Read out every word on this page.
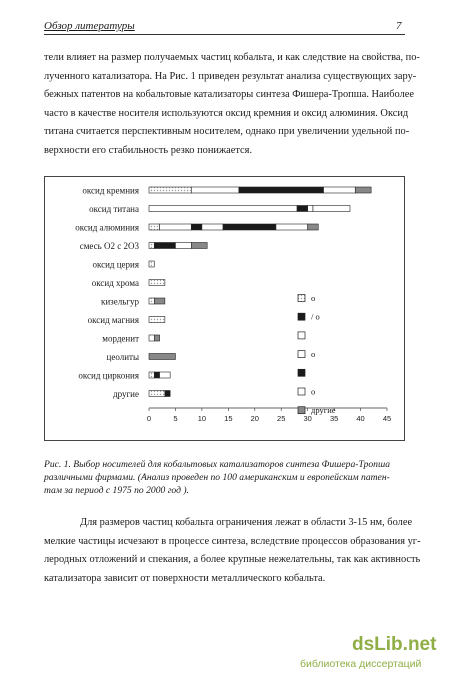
Обзор литературы	7
тели влияет на размер получаемых частиц кобальта, и как следствие на свойства, по-
лученного катализатора. На Рис. 1 приведен результат анализа существующих зару-
бежных патентов на кобальтовые катализаторы синтеза Фишера-Тропша. Наиболее
часто в качестве носителя используются оксид кремния и оксид алюминия. Оксид
титана считается перспективным носителем, однако при увеличении удельной по-
верхности его стабильность резко понижается.
оксид кремния
оксид титана
оксид алюминия
смесь О2 с 2О3
оксид церия
оксид хрома
кизельгур
оксид магния
морденит
цеолиты
оксид циркония
другие
0	5	10 15 20 25 30 35 40 45
о
/ о
о
о
другие
Рис. 1. Выбор носителей для кобальтовых катализаторов синтеза Фишера-Тропша
различными фирмами. (Анализ проведен по 100 американским и европейским патен-
там за период с 1975 по 2000 год ).
Для размеров частиц кобальта ограничения лежат в области 3-15 нм, более
мелкие частицы исчезают в процессе синтеза, вследствие процессов образования уг-
леродных отложений и спекания, а более крупные нежелательны, так как активность
катализатора зависит от поверхности металлического кобальта.
dsLib.net
библиотека диссертаций
